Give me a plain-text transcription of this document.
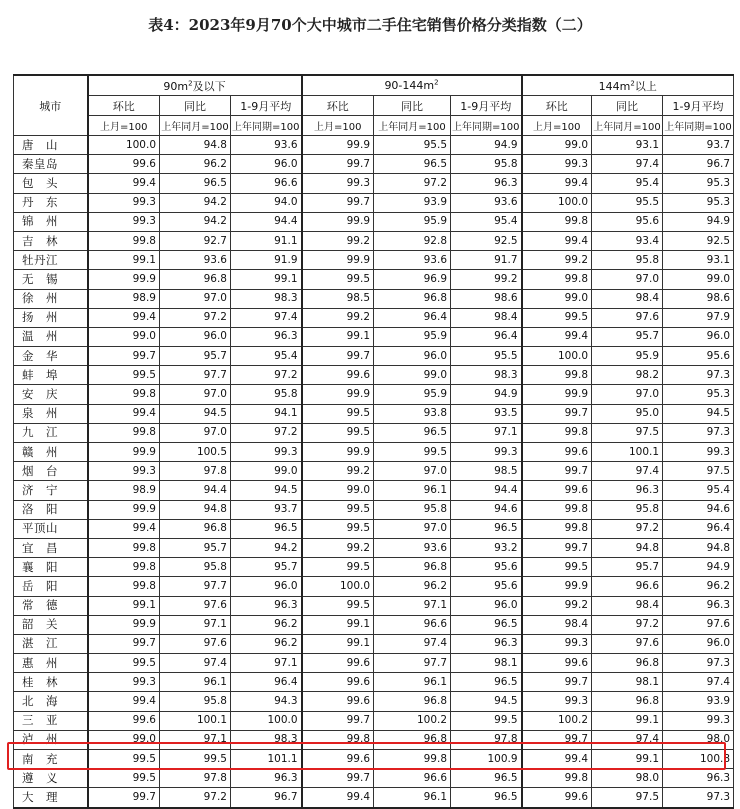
表4：2023年9月70个大中城市二手住宅销售价格分类指数（二）
城市	$90m^2$及以下			$90-144m^2$			$144m^2$以上		
	环比	同比	1-9月平均	环比	同比	1-9月平均	环比	同比	1-9月平均
	上月=100	上年同月=100	上年同期=100	上月=100	上年同月=100	上年同期=100	上月=100	上年同月=100	上年同期=100
唐　山	100.0	94.8	93.6	99.9	95.5	94.9	99.0	93.1	93.7
秦皇岛	99.6	96.2	96.0	99.7	96.5	95.8	99.3	97.4	96.7
包　头	99.4	96.5	96.6	99.3	97.2	96.3	99.4	95.4	95.3
丹　东	99.3	94.2	94.0	99.7	93.9	93.6	100.0	95.5	95.3
锦　州	99.3	94.2	94.4	99.9	95.9	95.4	99.8	95.6	94.9
吉　林	99.8	92.7	91.1	99.2	92.8	92.5	99.4	93.4	92.5
牡丹江	99.1	93.6	91.9	99.9	93.6	91.7	99.2	95.8	93.1
无　锡	99.9	96.8	99.1	99.5	96.9	99.2	99.8	97.0	99.0
徐　州	98.9	97.0	98.3	98.5	96.8	98.6	99.0	98.4	98.6
扬　州	99.4	97.2	97.4	99.2	96.4	98.4	99.5	97.6	97.9
温　州	99.0	96.0	96.3	99.1	95.9	96.4	99.4	95.7	96.0
金　华	99.7	95.7	95.4	99.7	96.0	95.5	100.0	95.9	95.6
蚌　埠	99.5	97.7	97.2	99.6	99.0	98.3	99.8	98.2	97.3
安　庆	99.8	97.0	95.8	99.9	95.9	94.9	99.9	97.0	95.3
泉　州	99.4	94.5	94.1	99.5	93.8	93.5	99.7	95.0	94.5
九　江	99.8	97.0	97.2	99.5	96.5	97.1	99.8	97.5	97.3
赣　州	99.9	100.5	99.3	99.9	99.5	99.3	99.6	100.1	99.3
烟　台	99.3	97.8	99.0	99.2	97.0	98.5	99.7	97.4	97.5
济　宁	98.9	94.4	94.5	99.0	96.1	94.4	99.6	96.3	95.4
洛　阳	99.9	94.8	93.7	99.5	95.8	94.6	99.8	95.8	94.6
平顶山	99.4	96.8	96.5	99.5	97.0	96.5	99.8	97.2	96.4
宜　昌	99.8	95.7	94.2	99.2	93.6	93.2	99.7	94.8	94.8
襄　阳	99.8	95.8	95.7	99.5	96.8	95.6	99.5	95.7	94.9
岳　阳	99.8	97.7	96.0	100.0	96.2	95.6	99.9	96.6	96.2
常　德	99.1	97.6	96.3	99.5	97.1	96.0	99.2	98.4	96.3
韶　关	99.9	97.1	96.2	99.1	96.6	96.5	98.4	97.2	97.6
湛　江	99.7	97.6	96.2	99.1	97.4	96.3	99.3	97.6	96.0
惠　州	99.5	97.4	97.1	99.6	97.7	98.1	99.6	96.8	97.3
桂　林	99.3	96.1	96.4	99.6	96.1	96.5	99.7	98.1	97.4
北　海	99.4	95.8	94.3	99.6	96.8	94.5	99.3	96.8	93.9
三　亚	99.6	100.1	100.0	99.7	100.2	99.5	100.2	99.1	99.3
泸　州	99.0	97.1	98.3	99.8	96.8	97.8	99.7	97.4	98.0
南　充	99.5	99.5	101.1	99.6	99.8	100.9	99.4	99.1	100.8
遵　义	99.5	97.8	96.3	99.7	96.6	96.5	99.8	98.0	96.3
大　理	99.7	97.2	96.7	99.4	96.1	96.5	99.6	97.5	97.3
